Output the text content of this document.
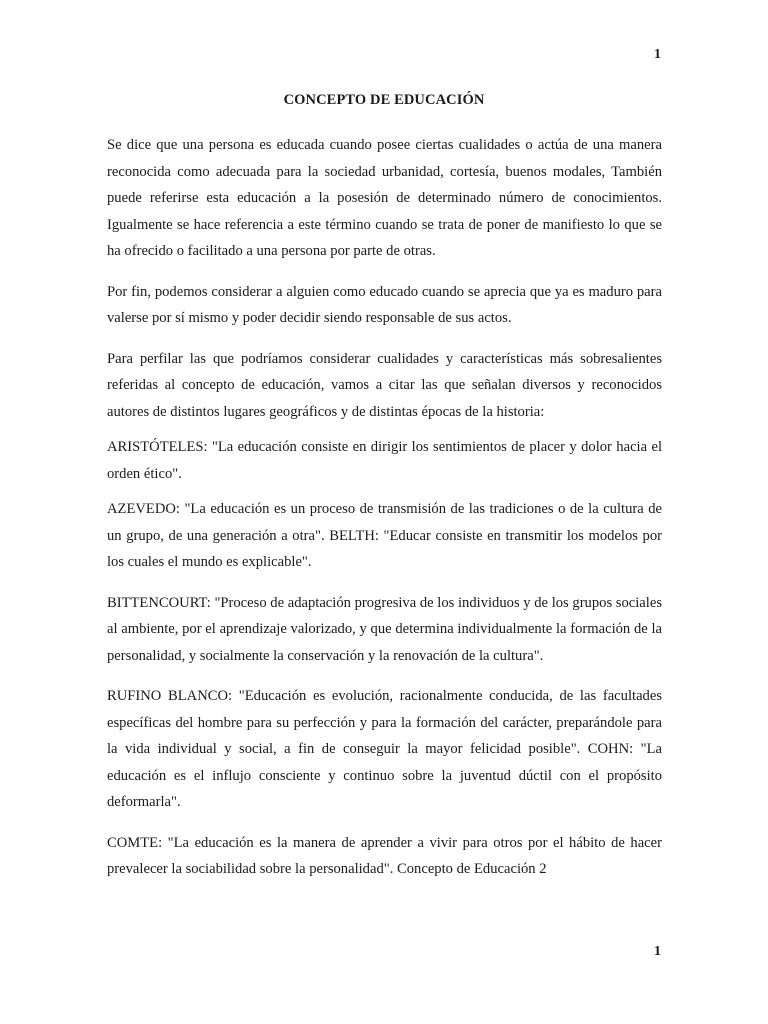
1
CONCEPTO DE EDUCACIÓN

Se dice que una persona es educada cuando posee ciertas cualidades o actúa de una manera reconocida como adecuada para la sociedad urbanidad, cortesía, buenos modales, También puede referirse esta educación a la posesión de determinado número de conocimientos. Igualmente se hace referencia a este término cuando se trata de poner de manifiesto lo que se ha ofrecido o facilitado a una persona por parte de otras.

Por fin, podemos considerar a alguien como educado cuando se aprecia que ya es maduro para valerse por sí mismo y poder decidir siendo responsable de sus actos.

Para perfilar las que podríamos considerar cualidades y características más sobresalientes referidas al concepto de educación, vamos a citar las que señalan diversos y reconocidos autores de distintos lugares geográficos y de distintas épocas de la historia:

ARISTÓTELES: "La educación consiste en dirigir los sentimientos de placer y dolor hacia el orden ético".

AZEVEDO: "La educación es un proceso de transmisión de las tradiciones o de la cultura de un grupo, de una generación a otra". BELTH: "Educar consiste en transmitir los modelos por los cuales el mundo es explicable".

BITTENCOURT: "Proceso de adaptación progresiva de los individuos y de los grupos sociales al ambiente, por el aprendizaje valorizado, y que determina individualmente la formación de la personalidad, y socialmente la conservación y la renovación de la cultura".

RUFINO BLANCO: "Educación es evolución, racionalmente conducida, de las facultades específicas del hombre para su perfección y para la formación del carácter, preparándole para la vida individual y social, a fin de conseguir la mayor felicidad posible". COHN: "La educación es el influjo consciente y continuo sobre la juventud dúctil con el propósito deformarla".

COMTE: "La educación es la manera de aprender a vivir para otros por el hábito de hacer prevalecer la sociabilidad sobre la personalidad". Concepto de Educación 2

1
